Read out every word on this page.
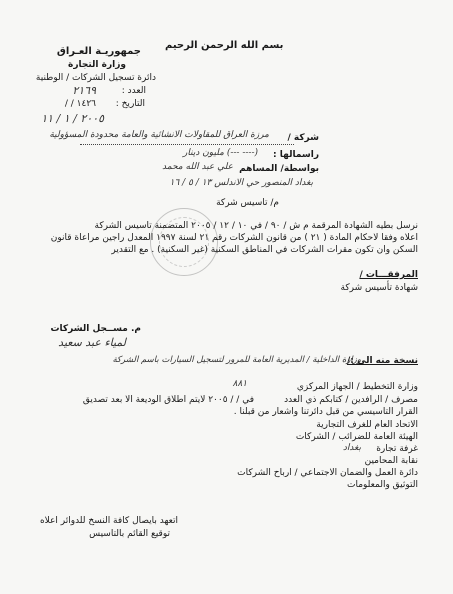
بسم الله الرحمن الرحيم
جمهوريـة العـراق
وزارة التجارة
دائرة تسجيل الشركات / الوطنية
العدد :
٢١٦٩
التاريخ :
١٤٢٦ / /
٢٠٠٥ / ١ / ١١
شركة /
مرزة العراق للمقاولات الانشائية والعامة محدودة المسؤولية
راسمالها :
(---- ---) مليون دينار
بواسطة/ المساهم
علي عبد الله محمد
بغداد المنصور حي الاندلس ١٣ / ٥ / ١٦
م/ تاسيس شركة
نرسل بطيه الشهادة المرقمة م ش / ٩٠ / في ١٠ / ١٢ / ٢٠٠٥ المتضمنة تاسيس الشركة
اعلاه وفقا لاحكام المادة ( ٢١ ) من قانون الشركات رقم ٢١ لسنة ١٩٩٧ المعدل راجين مراعاة قانون
السكن وان تكون مقرات الشركات في المناطق السكنية (غير السكنية) . مع التقدير
المرفقـــات /
شهادة تأسيس شركة
م. مســجل الشركات
لمياء عبد سعيد
نسخة منه الى :/
وزارة الداخلية / المديرية العامة للمرور لتسجيل السيارات باسم الشركة
وزارة التخطيط / الجهاز المركزي
٨٨١
مصرف / الرافدين / كتابكم ذي العدد
في / / ٢٠٠٥ لايتم اطلاق الوديعة الا بعد تصديق
القرار التاسيسي من قبل دائرتنا واشعار من قبلنا .
الاتحاد العام للغرف التجارية
الهيئة العامة للضرائب / الشركات
غرفة تجارة
بغداد
نقابة المحامين
دائرة العمل والضمان الاجتماعي / ارباح الشركات
التوثيق والمعلومات
اتعهد بايصال كافة النسخ للدوائر اعلاه
توقيع القائم بالتاسيس
